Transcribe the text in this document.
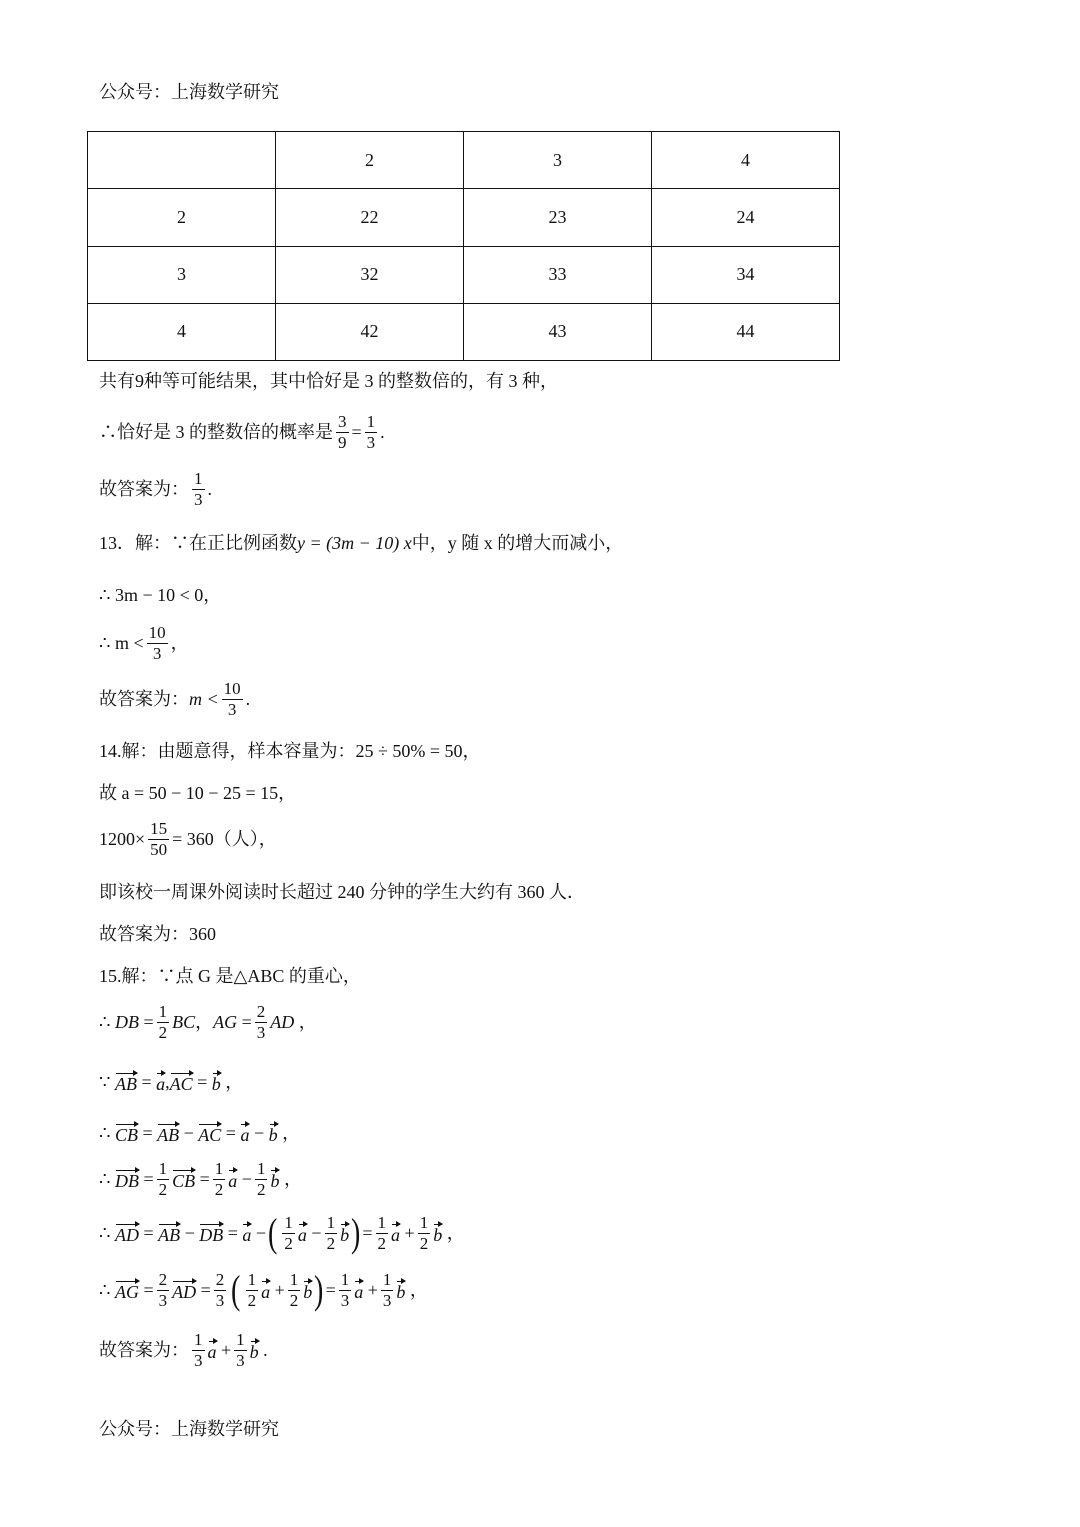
公众号：上海数学研究
	2	3	4
2	22	23	24
3	32	33	34
4	42	43	44
共有9种等可能结果，其中恰好是 3 的整数倍的，有 3 种，
∴恰好是 3 的整数倍的概率是 $\frac{3}{9} = \frac{1}{3}$ .
故答案为： $\frac{1}{3}$ .
13．解：∵在正比例函数 y = (3m − 10) x 中， y 随 x 的增大而减小，
∴ 3m − 10 < 0，
∴ $m < \frac{10}{3}$ ，
故答案为： $m < \frac{10}{3}$ .
14.解：由题意得，样本容量为： 25 ÷ 50% = 50，
故 a = 50 − 10 − 25 = 15，
$1200\times \frac{15}{50} = 360$（人），
即该校一周课外阅读时长超过 240 分钟的学生大约有 360 人．
故答案为：360
15.解：∵点 G 是△ABC 的重心，
∴ DB = $\frac{1}{2}$ BC ， AG = $\frac{2}{3}$ AD ，
∵ AB = a , AC = b ，
∴ CB = AB − AC = a − b ，
∴ DB = $\frac{1}{2}$ CB = $\frac{1}{2}$ $a - \frac{1}{2}$ b ，
∴ AD = AB − DB = a − ( $\frac{1}{2}$ $a - \frac{1}{2}$ b ) = $\frac{1}{2}$ $a + \frac{1}{2}$ b ，
∴ AG = $\frac{2}{3}$ AD = $\frac{2}{3}$ ( $\frac{1}{2}$ $a + \frac{1}{2}$ b ) = $\frac{1}{3}$ $a + \frac{1}{3}$ b ，
故答案为： $\frac{1}{3}$ $a + \frac{1}{3}$ b .
公众号：上海数学研究
